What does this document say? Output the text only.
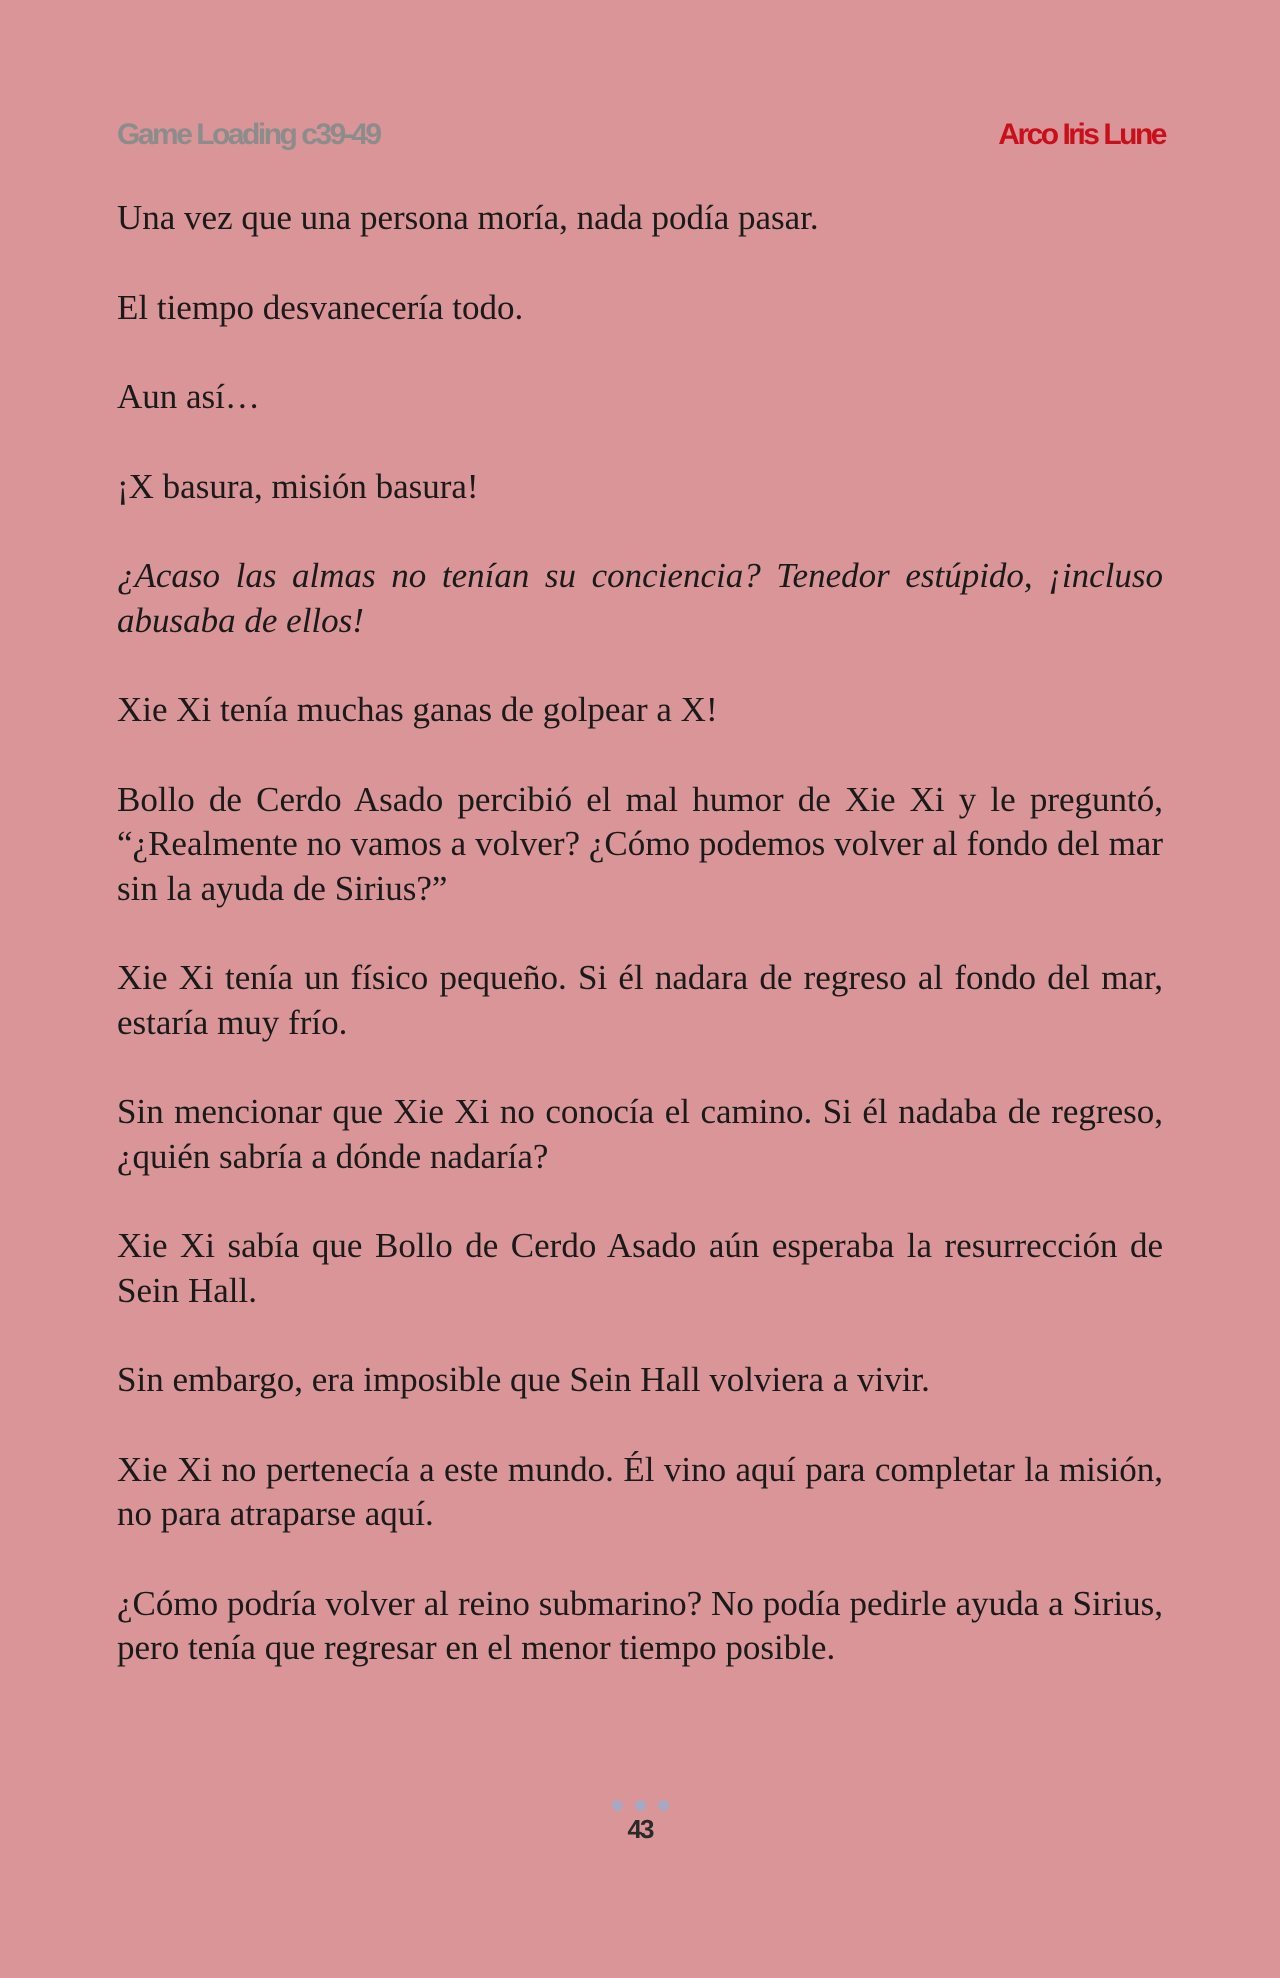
Game Loading c39-49	Arco Iris Lune

Una vez que una persona moría, nada podía pasar.

El tiempo desvanecería todo.

Aun así…

¡X basura, misión basura!

¿Acaso las almas no tenían su conciencia? Tenedor estúpido, ¡incluso abusaba de ellos!

Xie Xi tenía muchas ganas de golpear a X!

Bollo de Cerdo Asado percibió el mal humor de Xie Xi y le preguntó, “¿Realmente no vamos a volver? ¿Cómo podemos volver al fondo del mar sin la ayuda de Sirius?”

Xie Xi tenía un físico pequeño. Si él nadara de regreso al fondo del mar, estaría muy frío.

Sin mencionar que Xie Xi no conocía el camino. Si él nadaba de regreso, ¿quién sabría a dónde nadaría?

Xie Xi sabía que Bollo de Cerdo Asado aún esperaba la resurrección de Sein Hall.

Sin embargo, era imposible que Sein Hall volviera a vivir.

Xie Xi no pertenecía a este mundo. Él vino aquí para completar la misión, no para atraparse aquí.

¿Cómo podría volver al reino submarino? No podía pedirle ayuda a Sirius, pero tenía que regresar en el menor tiempo posible.

43
